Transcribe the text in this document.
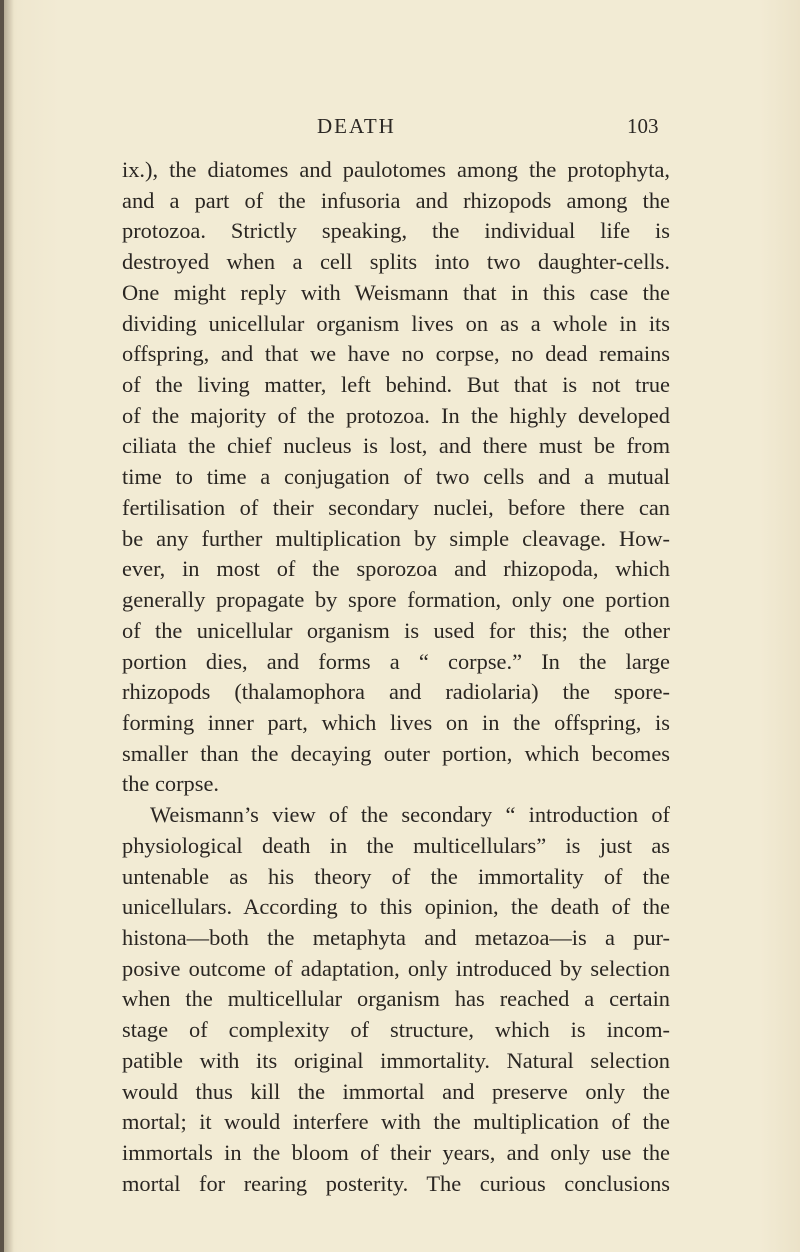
DEATH	103
ix.), the diatomes and paulotomes among the protophyta,
and a part of the infusoria and rhizopods among the
protozoa. Strictly speaking, the individual life is
destroyed when a cell splits into two daughter-cells.
One might reply with Weismann that in this case the
dividing unicellular organism lives on as a whole in its
offspring, and that we have no corpse, no dead remains
of the living matter, left behind. But that is not true
of the majority of the protozoa. In the highly developed
ciliata the chief nucleus is lost, and there must be from
time to time a conjugation of two cells and a mutual
fertilisation of their secondary nuclei, before there can
be any further multiplication by simple cleavage. How-
ever, in most of the sporozoa and rhizopoda, which
generally propagate by spore formation, only one portion
of the unicellular organism is used for this; the other
portion dies, and forms a “ corpse.” In the large
rhizopods (thalamophora and radiolaria) the spore-
forming inner part, which lives on in the offspring, is
smaller than the decaying outer portion, which becomes
the corpse.
Weismann’s view of the secondary “ introduction of
physiological death in the multicellulars” is just as
untenable as his theory of the immortality of the
unicellulars. According to this opinion, the death of the
histona—both the metaphyta and metazoa—is a pur-
posive outcome of adaptation, only introduced by selection
when the multicellular organism has reached a certain
stage of complexity of structure, which is incom-
patible with its original immortality. Natural selection
would thus kill the immortal and preserve only the
mortal; it would interfere with the multiplication of the
immortals in the bloom of their years, and only use the
mortal for rearing posterity. The curious conclusions
